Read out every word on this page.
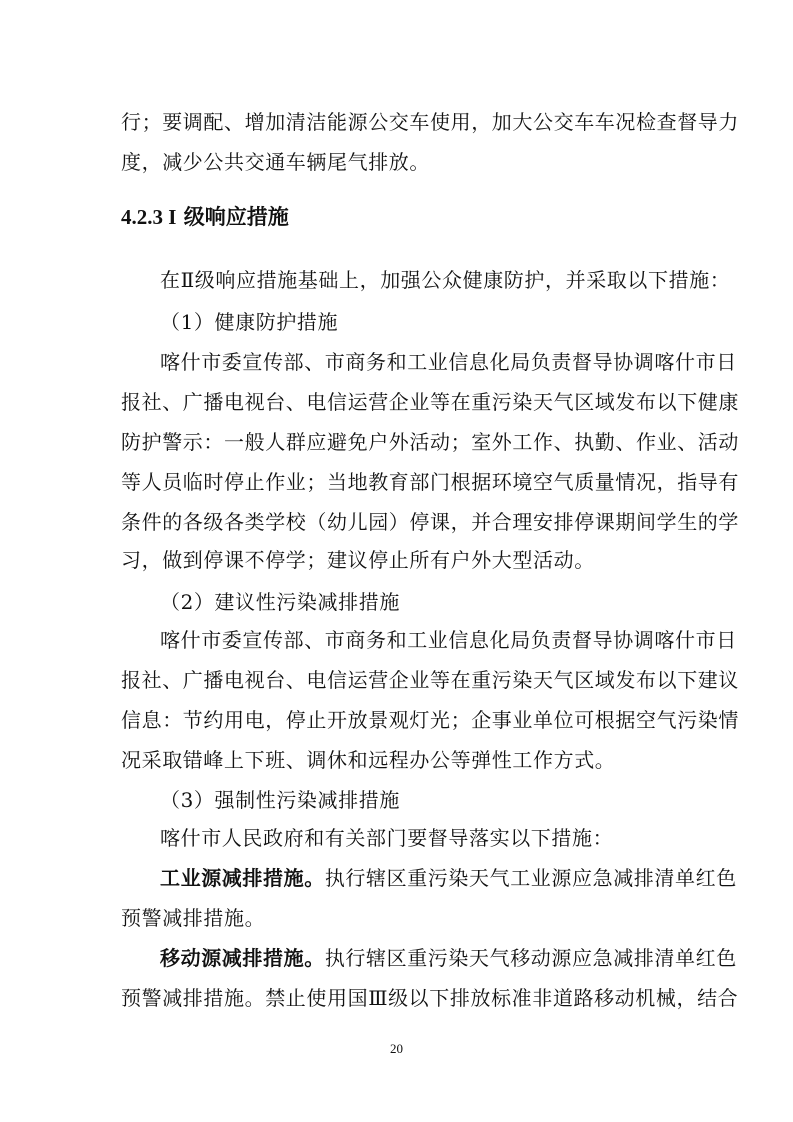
行；要调配、增加清洁能源公交车使用，加大公交车车况检查督导力
度，减少公共交通车辆尾气排放。
4.2.3 I 级响应措施
在Ⅱ级响应措施基础上，加强公众健康防护，并采取以下措施：
（1）健康防护措施
喀什市委宣传部、市商务和工业信息化局负责督导协调喀什市日
报社、广播电视台、电信运营企业等在重污染天气区域发布以下健康
防护警示：一般人群应避免户外活动；室外工作、执勤、作业、活动
等人员临时停止作业；当地教育部门根据环境空气质量情况，指导有
条件的各级各类学校（幼儿园）停课，并合理安排停课期间学生的学
习，做到停课不停学；建议停止所有户外大型活动。
（2）建议性污染减排措施
喀什市委宣传部、市商务和工业信息化局负责督导协调喀什市日
报社、广播电视台、电信运营企业等在重污染天气区域发布以下建议
信息：节约用电，停止开放景观灯光；企事业单位可根据空气污染情
况采取错峰上下班、调休和远程办公等弹性工作方式。
（3）强制性污染减排措施
喀什市人民政府和有关部门要督导落实以下措施：
工业源减排措施。执行辖区重污染天气工业源应急减排清单红色
预警减排措施。
移动源减排措施。执行辖区重污染天气移动源应急减排清单红色
预警减排措施。禁止使用国Ⅲ级以下排放标准非道路移动机械，结合
20
